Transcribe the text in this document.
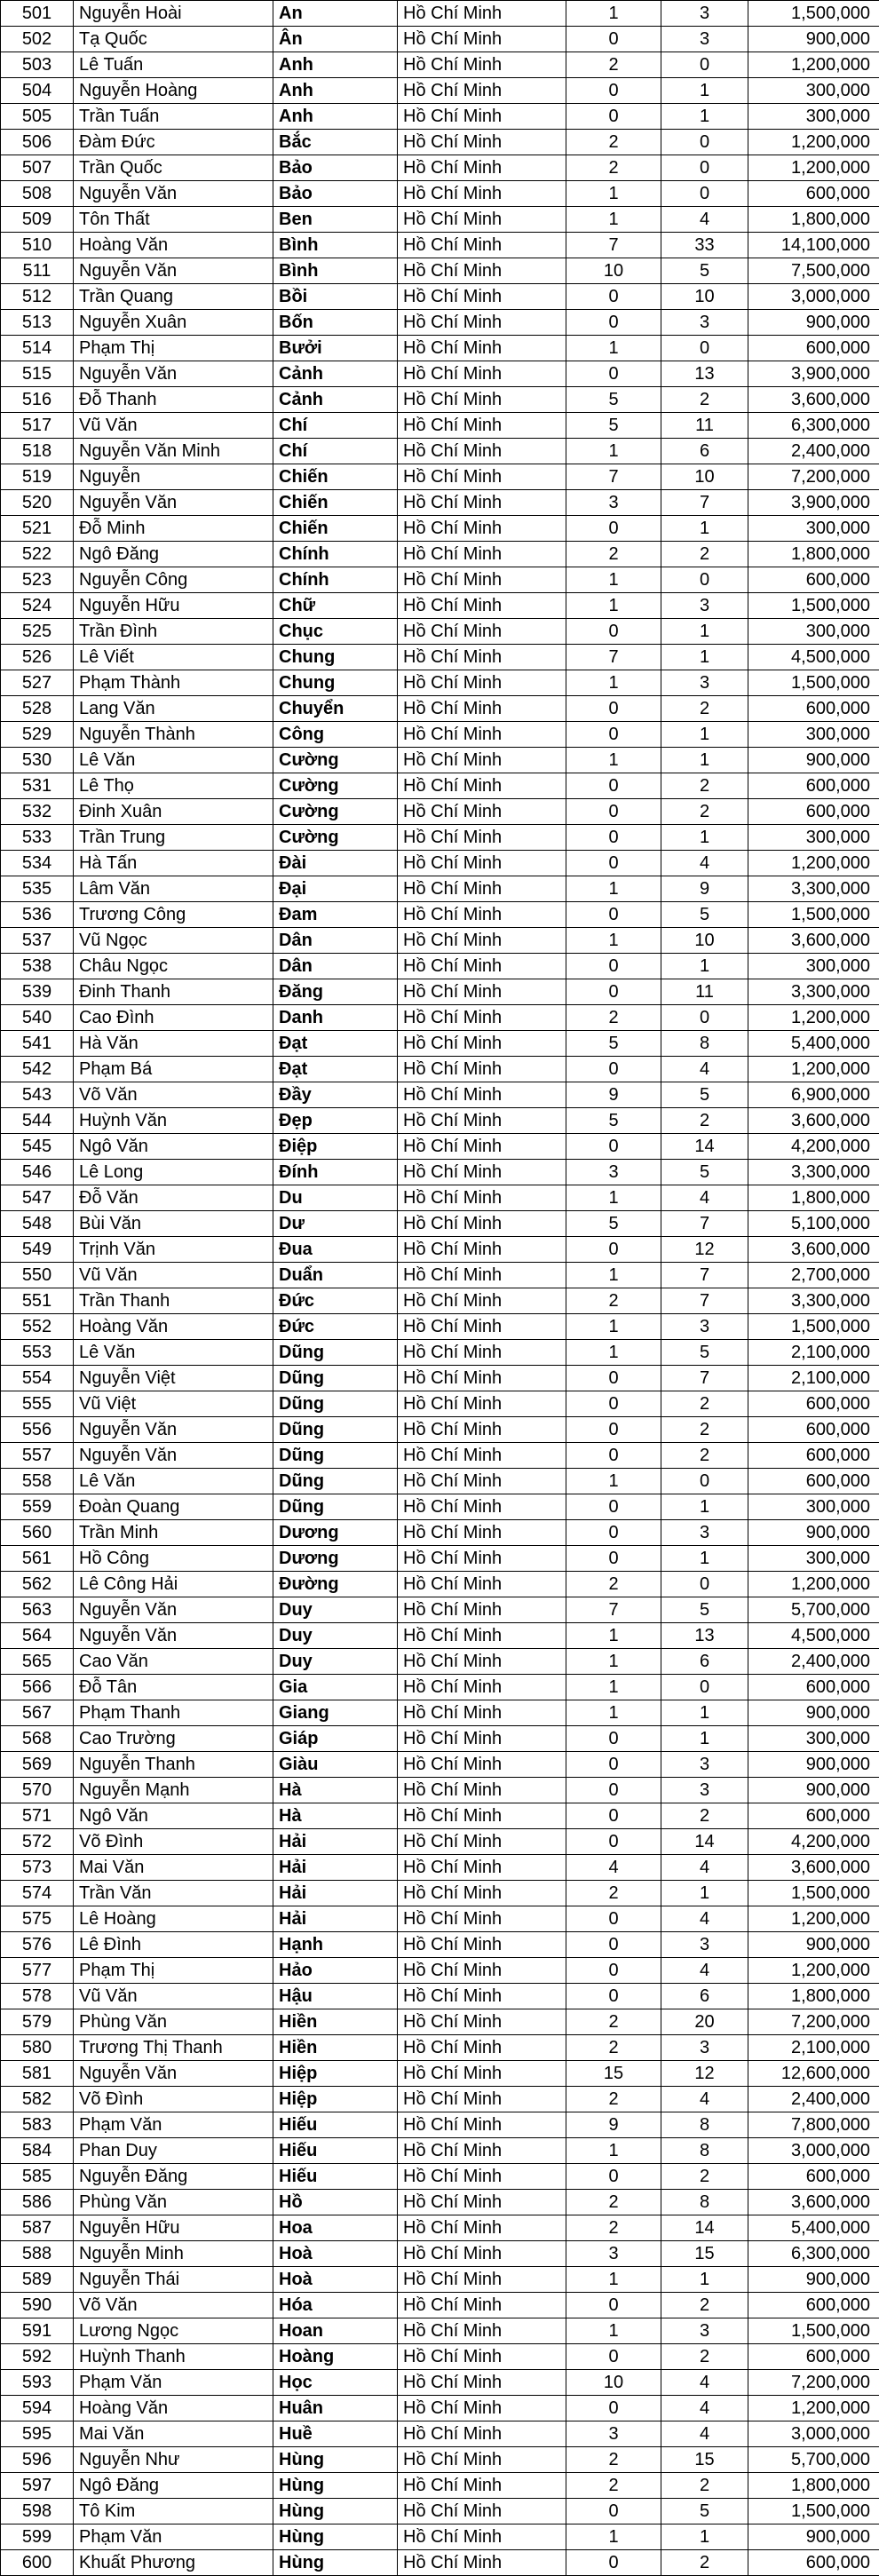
501	Nguyễn Hoài	An	Hồ Chí Minh	1	3	1,500,000
502	Tạ Quốc	Ân	Hồ Chí Minh	0	3	900,000
503	Lê Tuấn	Anh	Hồ Chí Minh	2	0	1,200,000
504	Nguyễn Hoàng	Anh	Hồ Chí Minh	0	1	300,000
505	Trần Tuấn	Anh	Hồ Chí Minh	0	1	300,000
506	Đàm Đức	Bắc	Hồ Chí Minh	2	0	1,200,000
507	Trần Quốc	Bảo	Hồ Chí Minh	2	0	1,200,000
508	Nguyễn Văn	Bảo	Hồ Chí Minh	1	0	600,000
509	Tôn Thất	Ben	Hồ Chí Minh	1	4	1,800,000
510	Hoàng Văn	Bình	Hồ Chí Minh	7	33	14,100,000
511	Nguyễn Văn	Bình	Hồ Chí Minh	10	5	7,500,000
512	Trần Quang	Bồi	Hồ Chí Minh	0	10	3,000,000
513	Nguyễn Xuân	Bốn	Hồ Chí Minh	0	3	900,000
514	Phạm Thị	Bưởi	Hồ Chí Minh	1	0	600,000
515	Nguyễn Văn	Cảnh	Hồ Chí Minh	0	13	3,900,000
516	Đỗ Thanh	Cảnh	Hồ Chí Minh	5	2	3,600,000
517	Vũ Văn	Chí	Hồ Chí Minh	5	11	6,300,000
518	Nguyễn Văn Minh	Chí	Hồ Chí Minh	1	6	2,400,000
519	Nguyễn	Chiến	Hồ Chí Minh	7	10	7,200,000
520	Nguyễn Văn	Chiến	Hồ Chí Minh	3	7	3,900,000
521	Đỗ Minh	Chiến	Hồ Chí Minh	0	1	300,000
522	Ngô Đăng	Chính	Hồ Chí Minh	2	2	1,800,000
523	Nguyễn Công	Chính	Hồ Chí Minh	1	0	600,000
524	Nguyễn Hữu	Chữ	Hồ Chí Minh	1	3	1,500,000
525	Trần Đình	Chục	Hồ Chí Minh	0	1	300,000
526	Lê Viết	Chung	Hồ Chí Minh	7	1	4,500,000
527	Phạm Thành	Chung	Hồ Chí Minh	1	3	1,500,000
528	Lang Văn	Chuyển	Hồ Chí Minh	0	2	600,000
529	Nguyễn Thành	Công	Hồ Chí Minh	0	1	300,000
530	Lê Văn	Cường	Hồ Chí Minh	1	1	900,000
531	Lê Thọ	Cường	Hồ Chí Minh	0	2	600,000
532	Đinh Xuân	Cường	Hồ Chí Minh	0	2	600,000
533	Trần Trung	Cường	Hồ Chí Minh	0	1	300,000
534	Hà Tấn	Đài	Hồ Chí Minh	0	4	1,200,000
535	Lâm Văn	Đại	Hồ Chí Minh	1	9	3,300,000
536	Trương Công	Đam	Hồ Chí Minh	0	5	1,500,000
537	Vũ Ngọc	Dân	Hồ Chí Minh	1	10	3,600,000
538	Châu Ngọc	Dân	Hồ Chí Minh	0	1	300,000
539	Đinh Thanh	Đăng	Hồ Chí Minh	0	11	3,300,000
540	Cao Đình	Danh	Hồ Chí Minh	2	0	1,200,000
541	Hà Văn	Đạt	Hồ Chí Minh	5	8	5,400,000
542	Phạm Bá	Đạt	Hồ Chí Minh	0	4	1,200,000
543	Võ Văn	Đầy	Hồ Chí Minh	9	5	6,900,000
544	Huỳnh Văn	Đẹp	Hồ Chí Minh	5	2	3,600,000
545	Ngô Văn	Điệp	Hồ Chí Minh	0	14	4,200,000
546	Lê Long	Đính	Hồ Chí Minh	3	5	3,300,000
547	Đỗ Văn	Du	Hồ Chí Minh	1	4	1,800,000
548	Bùi Văn	Dư	Hồ Chí Minh	5	7	5,100,000
549	Trịnh Văn	Đua	Hồ Chí Minh	0	12	3,600,000
550	Vũ Văn	Duẩn	Hồ Chí Minh	1	7	2,700,000
551	Trần Thanh	Đức	Hồ Chí Minh	2	7	3,300,000
552	Hoàng Văn	Đức	Hồ Chí Minh	1	3	1,500,000
553	Lê Văn	Dũng	Hồ Chí Minh	1	5	2,100,000
554	Nguyễn Việt	Dũng	Hồ Chí Minh	0	7	2,100,000
555	Vũ Việt	Dũng	Hồ Chí Minh	0	2	600,000
556	Nguyễn Văn	Dũng	Hồ Chí Minh	0	2	600,000
557	Nguyễn Văn	Dũng	Hồ Chí Minh	0	2	600,000
558	Lê Văn	Dũng	Hồ Chí Minh	1	0	600,000
559	Đoàn Quang	Dũng	Hồ Chí Minh	0	1	300,000
560	Trần Minh	Dương	Hồ Chí Minh	0	3	900,000
561	Hồ Công	Dương	Hồ Chí Minh	0	1	300,000
562	Lê Công Hải	Đường	Hồ Chí Minh	2	0	1,200,000
563	Nguyễn Văn	Duy	Hồ Chí Minh	7	5	5,700,000
564	Nguyễn Văn	Duy	Hồ Chí Minh	1	13	4,500,000
565	Cao Văn	Duy	Hồ Chí Minh	1	6	2,400,000
566	Đỗ Tân	Gia	Hồ Chí Minh	1	0	600,000
567	Phạm Thanh	Giang	Hồ Chí Minh	1	1	900,000
568	Cao Trường	Giáp	Hồ Chí Minh	0	1	300,000
569	Nguyễn Thanh	Giàu	Hồ Chí Minh	0	3	900,000
570	Nguyễn Mạnh	Hà	Hồ Chí Minh	0	3	900,000
571	Ngô Văn	Hà	Hồ Chí Minh	0	2	600,000
572	Võ Đình	Hải	Hồ Chí Minh	0	14	4,200,000
573	Mai Văn	Hải	Hồ Chí Minh	4	4	3,600,000
574	Trần Văn	Hải	Hồ Chí Minh	2	1	1,500,000
575	Lê Hoàng	Hải	Hồ Chí Minh	0	4	1,200,000
576	Lê Đình	Hạnh	Hồ Chí Minh	0	3	900,000
577	Phạm Thị	Hảo	Hồ Chí Minh	0	4	1,200,000
578	Vũ Văn	Hậu	Hồ Chí Minh	0	6	1,800,000
579	Phùng Văn	Hiền	Hồ Chí Minh	2	20	7,200,000
580	Trương Thị Thanh	Hiền	Hồ Chí Minh	2	3	2,100,000
581	Nguyễn Văn	Hiệp	Hồ Chí Minh	15	12	12,600,000
582	Võ Đình	Hiệp	Hồ Chí Minh	2	4	2,400,000
583	Phạm Văn	Hiếu	Hồ Chí Minh	9	8	7,800,000
584	Phan Duy	Hiếu	Hồ Chí Minh	1	8	3,000,000
585	Nguyễn Đăng	Hiếu	Hồ Chí Minh	0	2	600,000
586	Phùng Văn	Hồ	Hồ Chí Minh	2	8	3,600,000
587	Nguyễn Hữu	Hoa	Hồ Chí Minh	2	14	5,400,000
588	Nguyễn Minh	Hoà	Hồ Chí Minh	3	15	6,300,000
589	Nguyễn Thái	Hoà	Hồ Chí Minh	1	1	900,000
590	Võ Văn	Hóa	Hồ Chí Minh	0	2	600,000
591	Lương Ngọc	Hoan	Hồ Chí Minh	1	3	1,500,000
592	Huỳnh Thanh	Hoàng	Hồ Chí Minh	0	2	600,000
593	Phạm Văn	Học	Hồ Chí Minh	10	4	7,200,000
594	Hoàng Văn	Huân	Hồ Chí Minh	0	4	1,200,000
595	Mai Văn	Huề	Hồ Chí Minh	3	4	3,000,000
596	Nguyễn Như	Hùng	Hồ Chí Minh	2	15	5,700,000
597	Ngô Đăng	Hùng	Hồ Chí Minh	2	2	1,800,000
598	Tô Kim	Hùng	Hồ Chí Minh	0	5	1,500,000
599	Phạm Văn	Hùng	Hồ Chí Minh	1	1	900,000
600	Khuất Phương	Hùng	Hồ Chí Minh	0	2	600,000
